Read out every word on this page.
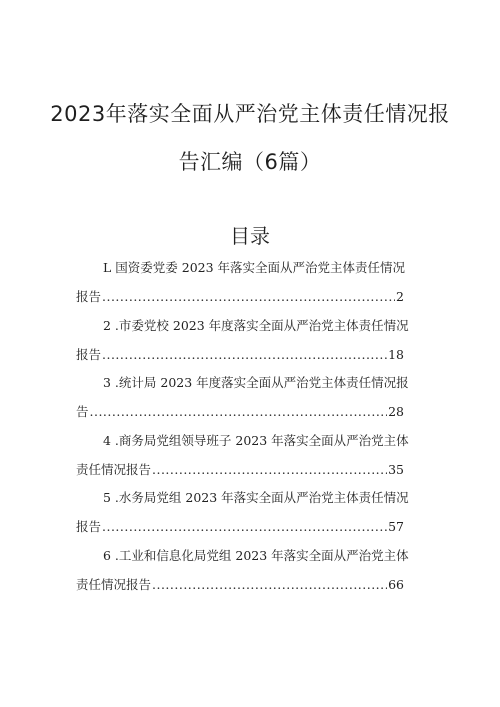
2023年落实全面从严治党主体责任情况报
告汇编（6篇）
目录
L 国资委党委 2023 年落实全面从严治党主体责任情况
报告 .....	2
2 .市委党校 2023 年度落实全面从严治党主体责任情况
报告 .....	18
3 .统计局 2023 年度落实全面从严治党主体责任情况报
告 .....	28
4 .商务局党组领导班子 2023 年落实全面从严治党主体
责任情况报告 .....	35
5 .水务局党组 2023 年落实全面从严治党主体责任情况
报告 .....	57
6 .工业和信息化局党组 2023 年落实全面从严治党主体
责任情况报告 .....	66
